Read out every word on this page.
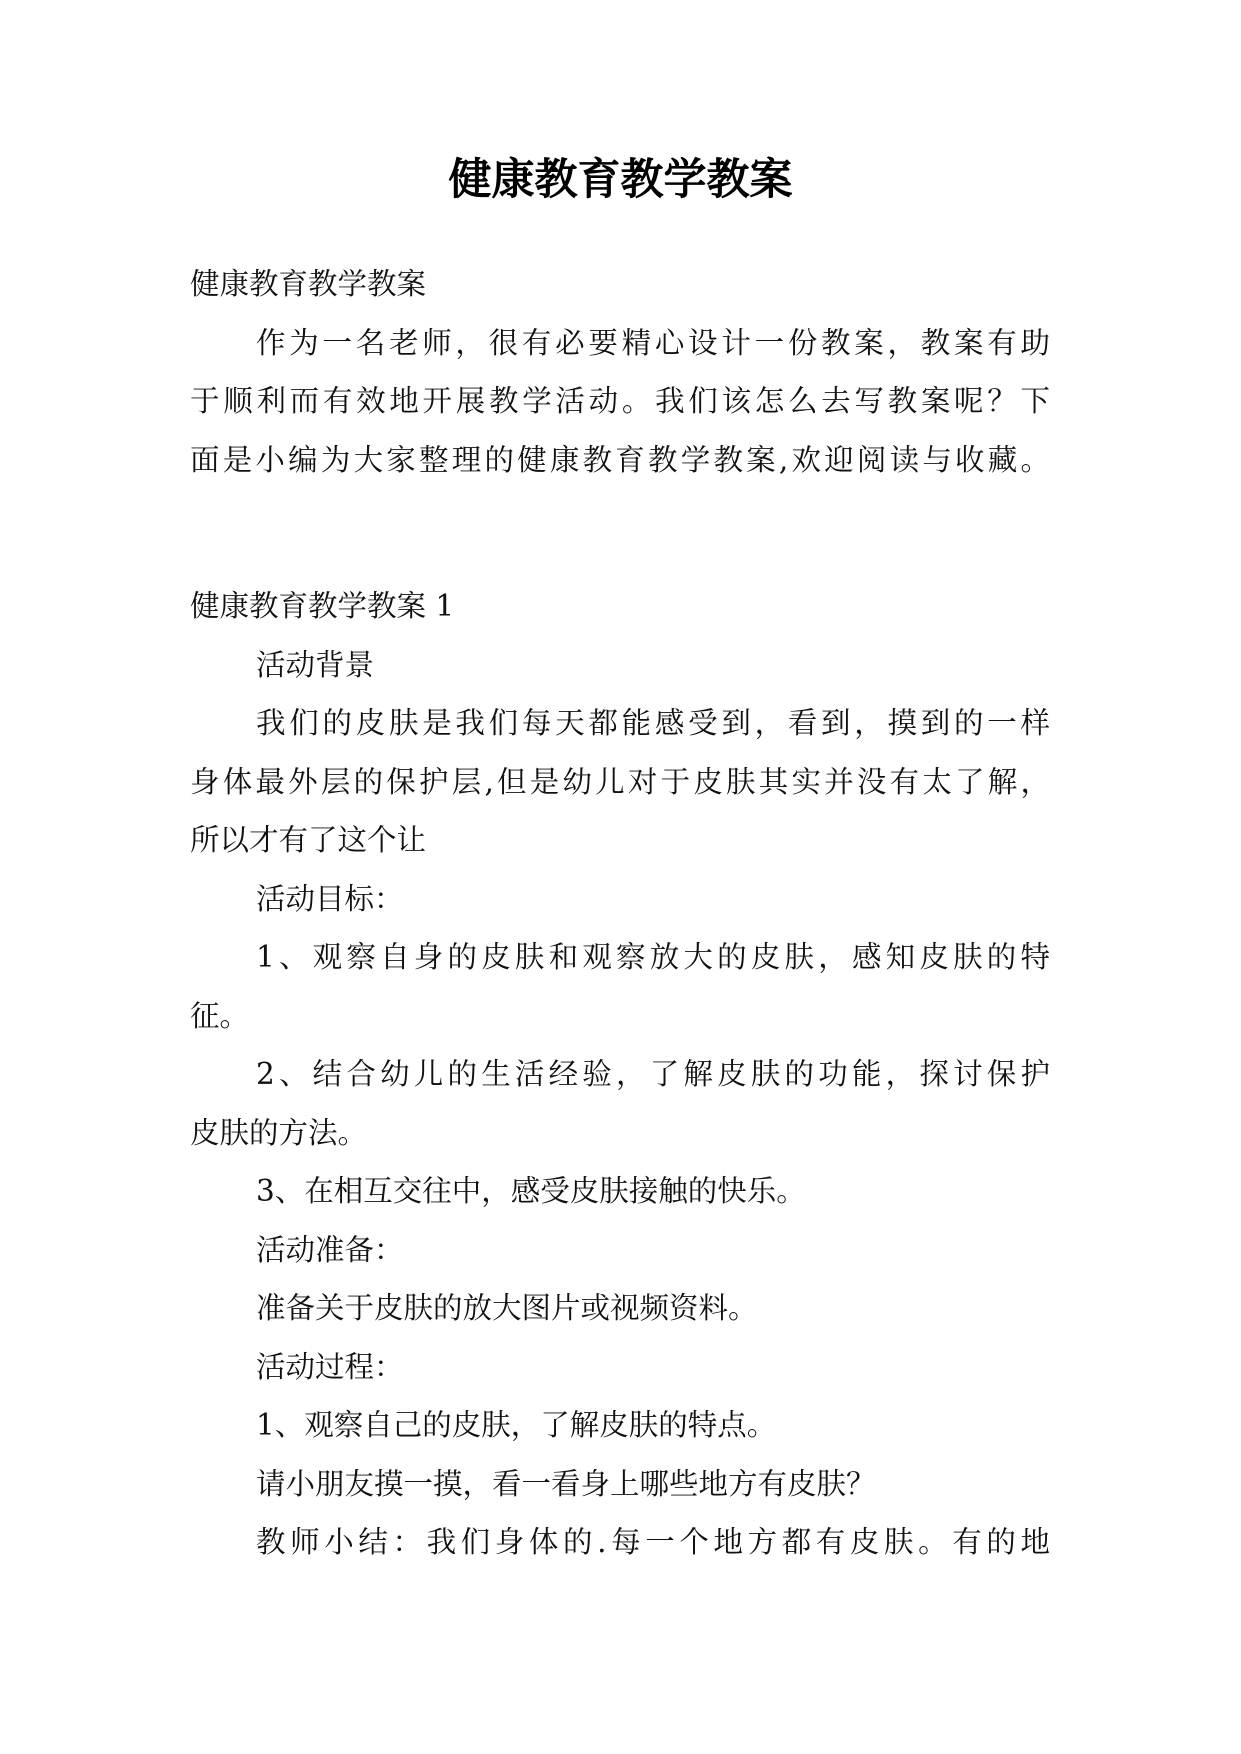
健康教育教学教案
健康教育教学教案
作为一名老师，很有必要精心设计一份教案，教案有助
于顺利而有效地开展教学活动。我们该怎么去写教案呢？下
面是小编为大家整理的健康教育教学教案,欢迎阅读与收藏。
健康教育教学教案 1
活动背景
我们的皮肤是我们每天都能感受到，看到，摸到的一样
身体最外层的保护层,但是幼儿对于皮肤其实并没有太了解，
所以才有了这个让
活动目标：
1、观察自身的皮肤和观察放大的皮肤，感知皮肤的特
征。
2、结合幼儿的生活经验，了解皮肤的功能，探讨保护
皮肤的方法。
3、在相互交往中，感受皮肤接触的快乐。
活动准备：
准备关于皮肤的放大图片或视频资料。
活动过程：
1、观察自己的皮肤，了解皮肤的特点。
请小朋友摸一摸，看一看身上哪些地方有皮肤？
教师小结：我们身体的.每一个地方都有皮肤。有的地
